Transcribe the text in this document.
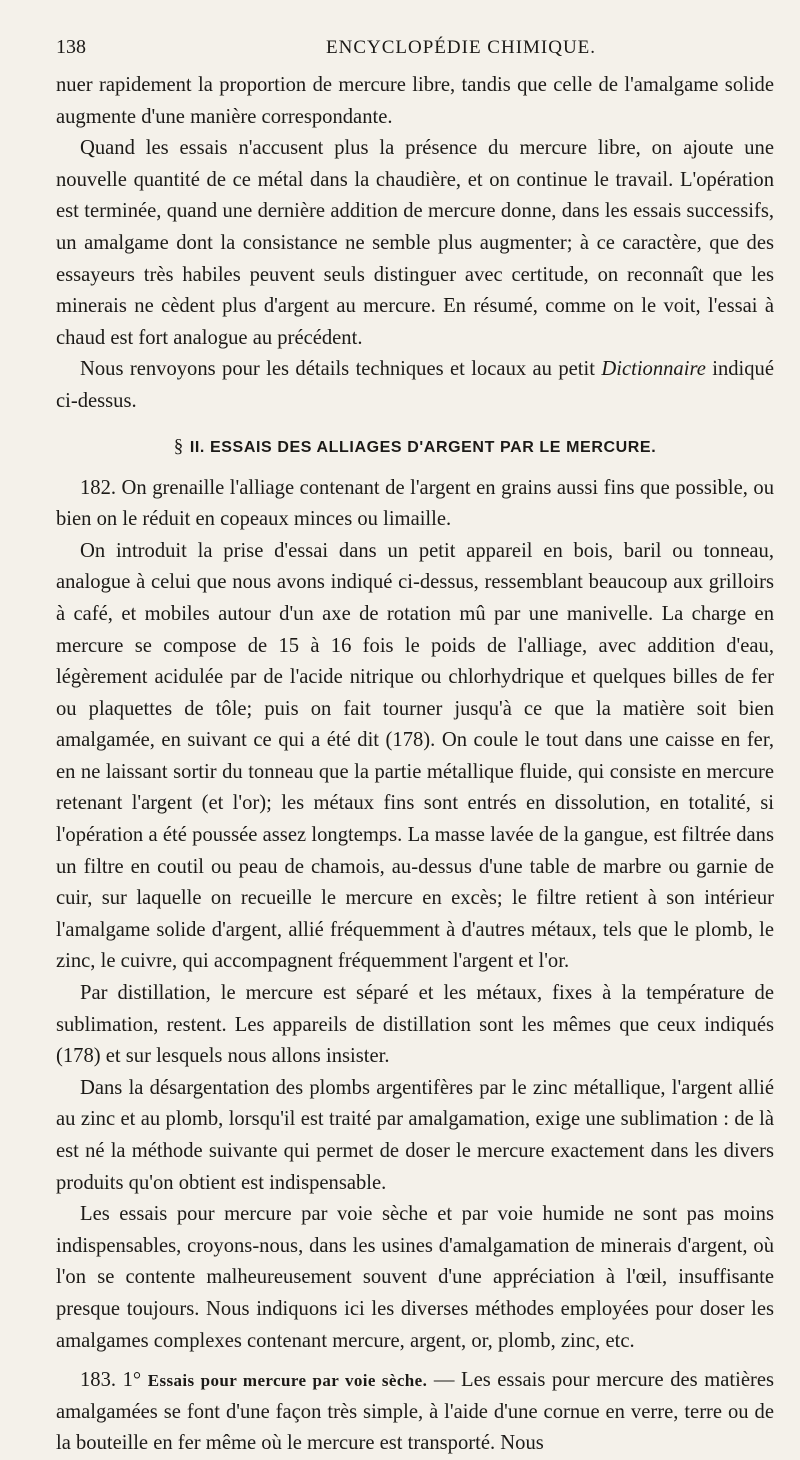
138	ENCYCLOPÉDIE CHIMIQUE.

nuer rapidement la proportion de mercure libre, tandis que celle de l'amalgame solide augmente d'une manière correspondante.

Quand les essais n'accusent plus la présence du mercure libre, on ajoute une nouvelle quantité de ce métal dans la chaudière, et on continue le travail. L'opération est terminée, quand une dernière addition de mercure donne, dans les essais successifs, un amalgame dont la consistance ne semble plus augmenter; à ce caractère, que des essayeurs très habiles peuvent seuls distinguer avec certitude, on reconnaît que les minerais ne cèdent plus d'argent au mercure. En résumé, comme on le voit, l'essai à chaud est fort analogue au précédent.

Nous renvoyons pour les détails techniques et locaux au petit Dictionnaire indiqué ci-dessus.

§ II. ESSAIS DES ALLIAGES D'ARGENT PAR LE MERCURE.

182. On grenaille l'alliage contenant de l'argent en grains aussi fins que possible, ou bien on le réduit en copeaux minces ou limaille.

On introduit la prise d'essai dans un petit appareil en bois, baril ou tonneau, analogue à celui que nous avons indiqué ci-dessus, ressemblant beaucoup aux grilloirs à café, et mobiles autour d'un axe de rotation mû par une manivelle. La charge en mercure se compose de 15 à 16 fois le poids de l'alliage, avec addition d'eau, légèrement acidulée par de l'acide nitrique ou chlorhydrique et quelques billes de fer ou plaquettes de tôle; puis on fait tourner jusqu'à ce que la matière soit bien amalgamée, en suivant ce qui a été dit (178). On coule le tout dans une caisse en fer, en ne laissant sortir du tonneau que la partie métallique fluide, qui consiste en mercure retenant l'argent (et l'or); les métaux fins sont entrés en dissolution, en totalité, si l'opération a été poussée assez longtemps. La masse lavée de la gangue, est filtrée dans un filtre en coutil ou peau de chamois, au-dessus d'une table de marbre ou garnie de cuir, sur laquelle on recueille le mercure en excès; le filtre retient à son intérieur l'amalgame solide d'argent, allié fréquemment à d'autres métaux, tels que le plomb, le zinc, le cuivre, qui accompagnent fréquemment l'argent et l'or.

Par distillation, le mercure est séparé et les métaux, fixes à la température de sublimation, restent. Les appareils de distillation sont les mêmes que ceux indiqués (178) et sur lesquels nous allons insister.

Dans la désargentation des plombs argentifères par le zinc métallique, l'argent allié au zinc et au plomb, lorsqu'il est traité par amalgamation, exige une sublimation : de là est né la méthode suivante qui permet de doser le mercure exactement dans les divers produits qu'on obtient est indispensable.

Les essais pour mercure par voie sèche et par voie humide ne sont pas moins indispensables, croyons-nous, dans les usines d'amalgamation de minerais d'argent, où l'on se contente malheureusement souvent d'une appréciation à l'œil, insuffisante presque toujours. Nous indiquons ici les diverses méthodes employées pour doser les amalgames complexes contenant mercure, argent, or, plomb, zinc, etc.

183. 1° Essais pour mercure par voie sèche. — Les essais pour mercure des matières amalgamées se font d'une façon très simple, à l'aide d'une cornue en verre, terre ou de la bouteille en fer même où le mercure est transporté. Nous
